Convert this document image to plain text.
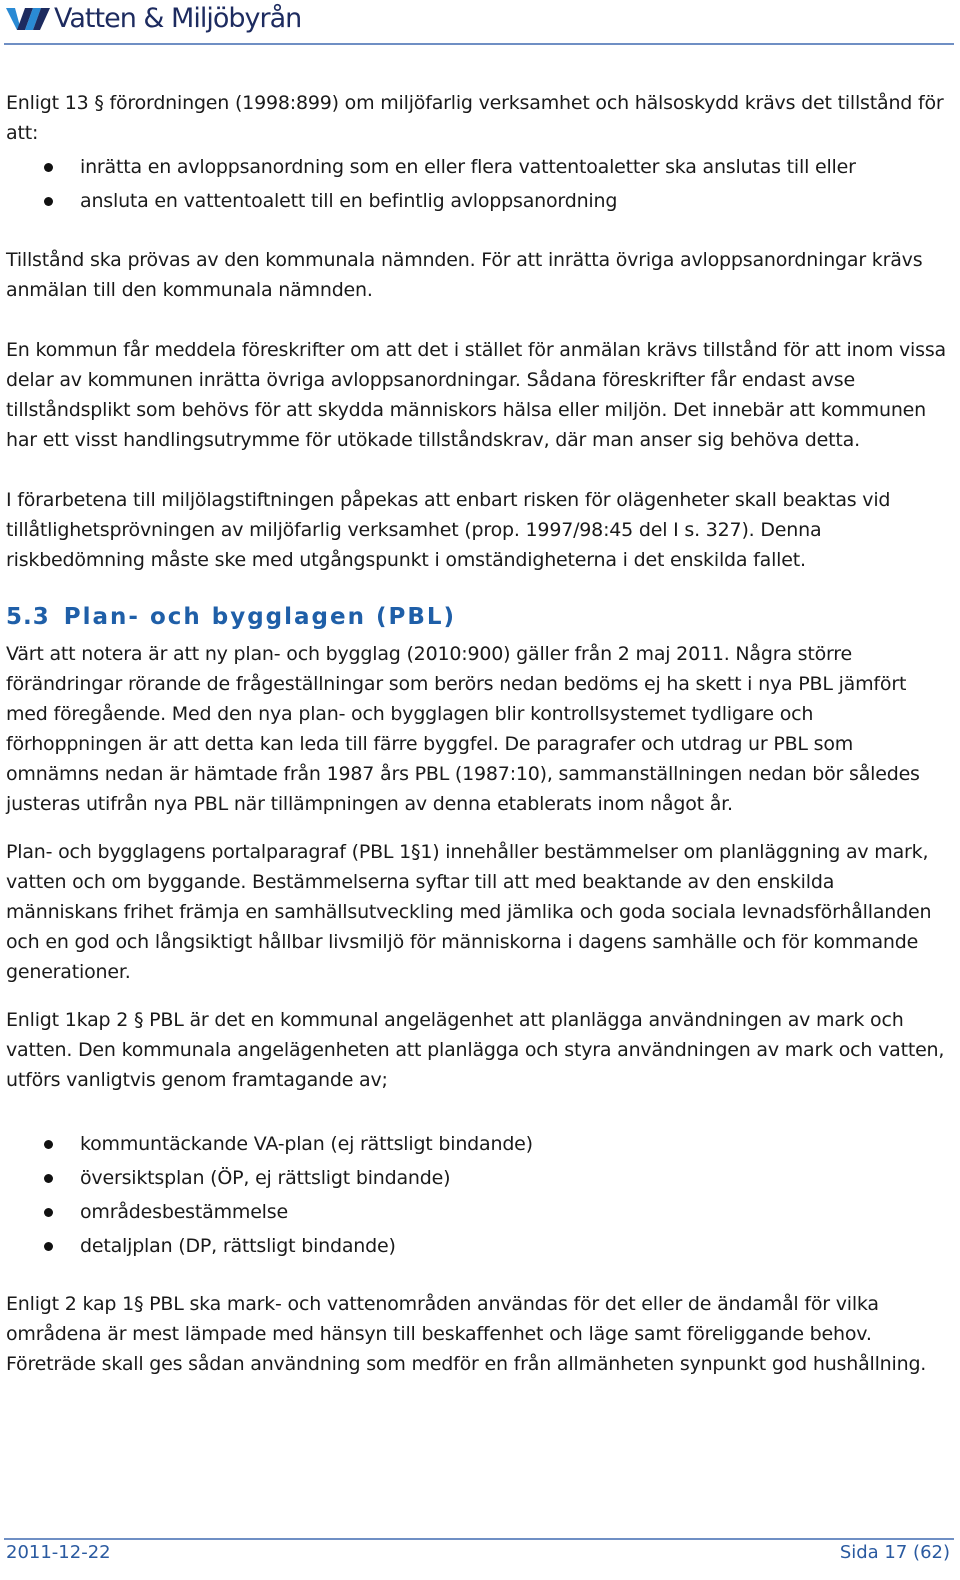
Vatten & Miljöbyrån

Enligt 13 § förordningen (1998:899) om miljöfarlig verksamhet och hälsoskydd krävs det tillstånd för att:

inrätta en avloppsanordning som en eller flera vattentoaletter ska anslutas till eller
ansluta en vattentoalett till en befintlig avloppsanordning

Tillstånd ska prövas av den kommunala nämnden. För att inrätta övriga avloppsanordningar krävs anmälan till den kommunala nämnden.

En kommun får meddela föreskrifter om att det i stället för anmälan krävs tillstånd för att inom vissa delar av kommunen inrätta övriga avloppsanordningar. Sådana föreskrifter får endast avse tillståndsplikt som behövs för att skydda människors hälsa eller miljön. Det innebär att kommunen har ett visst handlingsutrymme för utökade tillståndskrav, där man anser sig behöva detta.

I förarbetena till miljölagstiftningen påpekas att enbart risken för olägenheter skall beaktas vid tillåtlighetsprövningen av miljöfarlig verksamhet (prop. 1997/98:45 del I s. 327). Denna riskbedömning måste ske med utgångspunkt i omständigheterna i det enskilda fallet.

5.3 Plan- och bygglagen (PBL)

Värt att notera är att ny plan- och bygglag (2010:900) gäller från 2 maj 2011. Några större förändringar rörande de frågeställningar som berörs nedan bedöms ej ha skett i nya PBL jämfört med föregående. Med den nya plan- och bygglagen blir kontrollsystemet tydligare och förhoppningen är att detta kan leda till färre byggfel. De paragrafer och utdrag ur PBL som omnämns nedan är hämtade från 1987 års PBL (1987:10), sammanställningen nedan bör således justeras utifrån nya PBL när tillämpningen av denna etablerats inom något år.

Plan- och bygglagens portalparagraf (PBL 1§1) innehåller bestämmelser om planläggning av mark, vatten och om byggande. Bestämmelserna syftar till att med beaktande av den enskilda människans frihet främja en samhällsutveckling med jämlika och goda sociala levnadsförhållanden och en god och långsiktigt hållbar livsmiljö för människorna i dagens samhälle och för kommande generationer.

Enligt 1kap 2 § PBL är det en kommunal angelägenhet att planlägga användningen av mark och vatten. Den kommunala angelägenheten att planlägga och styra användningen av mark och vatten, utförs vanligtvis genom framtagande av;

kommuntäckande VA-plan (ej rättsligt bindande)
översiktsplan (ÖP, ej rättsligt bindande)
områdesbestämmelse
detaljplan (DP, rättsligt bindande)

Enligt 2 kap 1§ PBL ska mark- och vattenområden användas för det eller de ändamål för vilka områdena är mest lämpade med hänsyn till beskaffenhet och läge samt föreliggande behov. Företräde skall ges sådan användning som medför en från allmänheten synpunkt god hushållning.

2011-12-22	Sida 17 (62)
